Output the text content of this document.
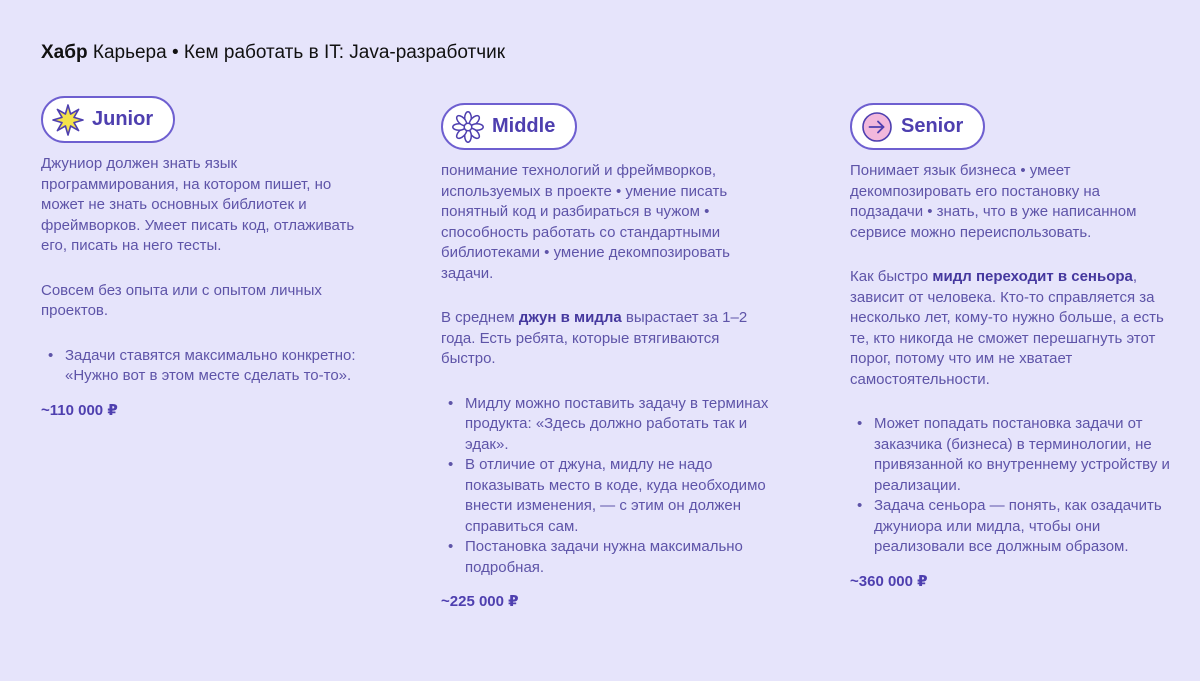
Хабр Карьера • Кем работать в IT: Java-разработчик
Junior

Джуниор должен знать язык программирования, на котором пишет, но может не знать основных библиотек и фреймворков. Умеет писать код, отлаживать его, писать на него тесты.

Совсем без опыта или с опытом личных проектов.

• Задачи ставятся максимально конкретно: «Нужно вот в этом месте сделать то-то».
~110 000 ₽
Middle

понимание технологий и фреймворков, используемых в проекте • умение писать понятный код и разбираться в чужом • способность работать со стандартными библиотеками • умение декомпозировать задачи.

В среднем джун в мидла вырастает за 1–2 года. Есть ребята, которые втягиваются быстро.

• Мидлу можно поставить задачу в терминах продукта: «Здесь должно работать так и эдак».
• В отличие от джуна, мидлу не надо показывать место в коде, куда необходимо внести изменения, — с этим он должен справиться сам.
• Постановка задачи нужна максимально подробная.
~225 000 ₽
Senior

Понимает язык бизнеса • умеет декомпозировать его постановку на подзадачи • знать, что в уже написанном сервисе можно переиспользовать.

Как быстро мидл переходит в сеньора, зависит от человека. Кто-то справляется за несколько лет, кому-то нужно больше, а есть те, кто никогда не сможет перешагнуть этот порог, потому что им не хватает самостоятельности.

• Может попадать постановка задачи от заказчика (бизнеса) в терминологии, не привязанной ко внутреннему устройству и реализации.
• Задача сеньора — понять, как озадачить джуниора или мидла, чтобы они реализовали все должным образом.
~360 000 ₽
